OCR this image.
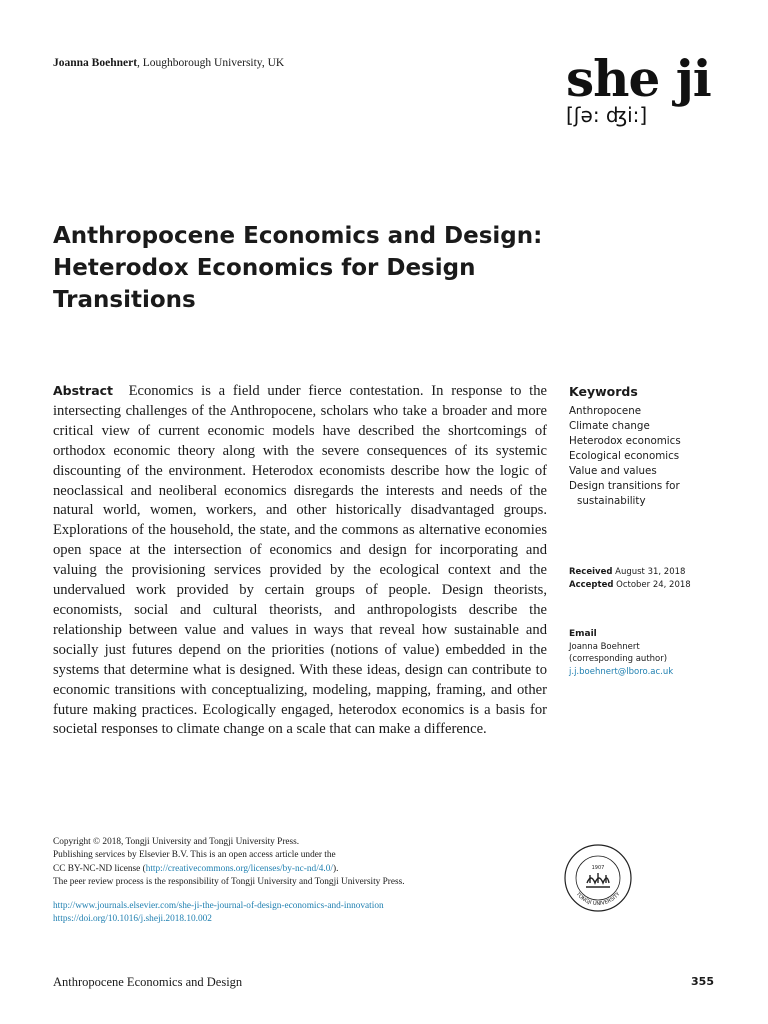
Joanna Boehnert, Loughborough University, UK	she ji
[ʃə: ʤi:]
Anthropocene Economics and Design: Heterodox Economics for Design Transitions

Abstract Economics is a field under fierce contestation. In response to the intersecting challenges of the Anthropocene, scholars who take a broader and more critical view of current economic models have described the shortcomings of orthodox economic theory along with the severe consequences of its systemic discounting of the environment. Heterodox economists describe how the logic of neoclassical and neoliberal economics disregards the interests and needs of the natural world, women, workers, and other historically disadvantaged groups. Explorations of the household, the state, and the commons as alternative economies open space at the intersection of economics and design for incorporating and valuing the provisioning services provided by the ecological context and the undervalued work provided by certain groups of people. Design theorists, economists, social and cultural theorists, and anthropologists describe the relationship between value and values in ways that reveal how sustainable and socially just futures depend on the priorities (notions of value) embedded in the systems that determine what is designed. With these ideas, design can contribute to economic transitions with conceptualizing, modeling, mapping, framing, and other future making practices. Ecologically engaged, heterodox economics is a basis for societal responses to climate change on a scale that can make a difference.

Keywords
Anthropocene
Climate change
Heterodox economics
Ecological economics
Value and values
Design transitions for
sustainability
Received August 31, 2018
Accepted October 24, 2018
Email
Joanna Boehnert
(corresponding author)
j.j.boehnert@lboro.ac.uk
Copyright © 2018, Tongji University and Tongji University Press.
Publishing services by Elsevier B.V. This is an open access article under the
CC BY-NC-ND license (http://creativecommons.org/licenses/by-nc-nd/4.0/).
The peer review process is the responsibility of Tongji University and Tongji University Press.
http://www.journals.elsevier.com/she-ji-the-journal-of-design-economics-and-innovation
https://doi.org/10.1016/j.sheji.2018.10.002
1907
TONGJI UNIVERSITY
Anthropocene Economics and Design	355
